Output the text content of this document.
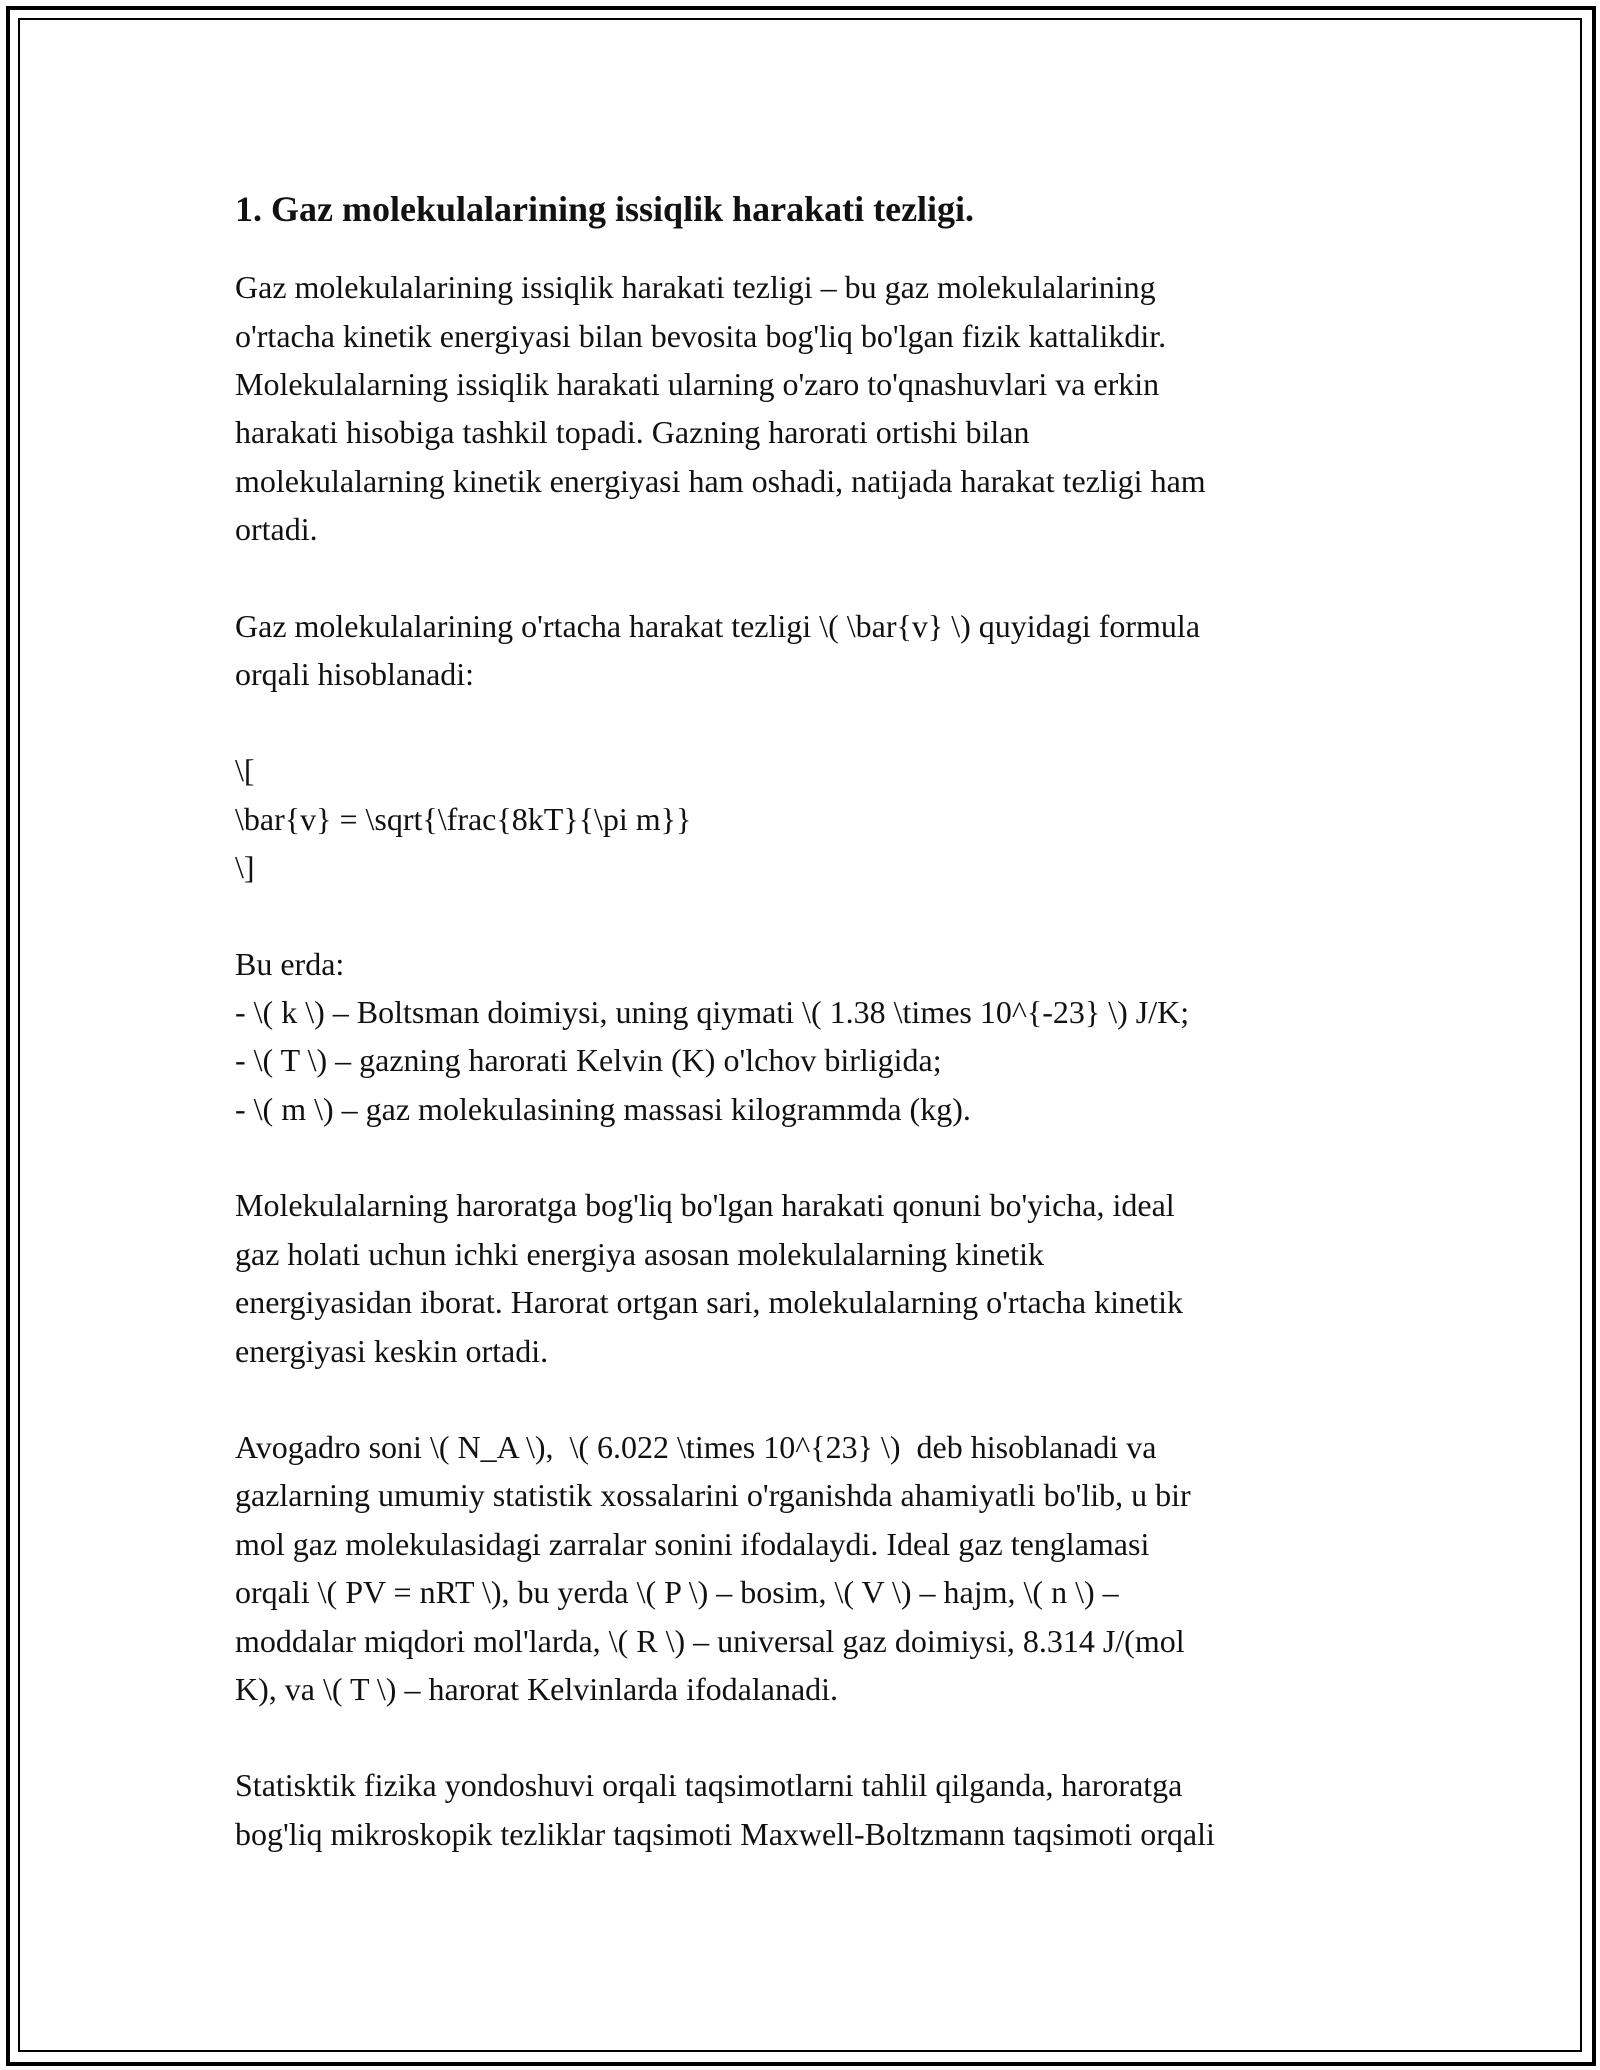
1. Gaz molekulalarining issiqlik harakati tezligi.
Gaz molekulalarining issiqlik harakati tezligi – bu gaz molekulalarining
o'rtacha kinetik energiyasi bilan bevosita bog'liq bo'lgan fizik kattalikdir.
Molekulalarning issiqlik harakati ularning o'zaro to'qnashuvlari va erkin
harakati hisobiga tashkil topadi. Gazning harorati ortishi bilan
molekulalarning kinetik energiyasi ham oshadi, natijada harakat tezligi ham
ortadi.
Gaz molekulalarining o'rtacha harakat tezligi \( \bar{v} \) quyidagi formula
orqali hisoblanadi:
\[
\bar{v} = \sqrt{\frac{8kT}{\pi m}}
\]
Bu erda:
- \( k \) – Boltsman doimiysi, uning qiymati \( 1.38 \times 10^{-23} \) J/K;
- \( T \) – gazning harorati Kelvin (K) o'lchov birligida;
- \( m \) – gaz molekulasining massasi kilogrammda (kg).
Molekulalarning haroratga bog'liq bo'lgan harakati qonuni bo'yicha, ideal
gaz holati uchun ichki energiya asosan molekulalarning kinetik
energiyasidan iborat. Harorat ortgan sari, molekulalarning o'rtacha kinetik
energiyasi keskin ortadi.
Avogadro soni \( N_A \),  \( 6.022 \times 10^{23} \)  deb hisoblanadi va
gazlarning umumiy statistik xossalarini o'rganishda ahamiyatli bo'lib, u bir
mol gaz molekulasidagi zarralar sonini ifodalaydi. Ideal gaz tenglamasi
orqali \( PV = nRT \), bu yerda \( P \) – bosim, \( V \) – hajm, \( n \) –
moddalar miqdori mol'larda, \( R \) – universal gaz doimiysi, 8.314 J/(mol
K), va \( T \) – harorat Kelvinlarda ifodalanadi.
Statisktik fizika yondoshuvi orqali taqsimotlarni tahlil qilganda, haroratga
bog'liq mikroskopik tezliklar taqsimoti Maxwell-Boltzmann taqsimoti orqali
